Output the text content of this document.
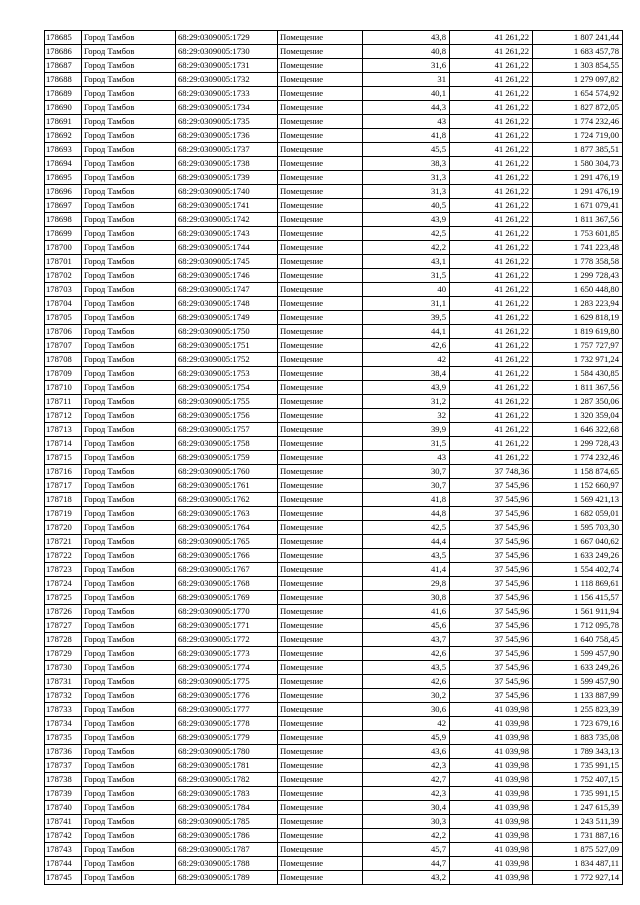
178685	Город Тамбов	68:29:0309005:1729	Помещение	43,8	41 261,22	1 807 241,44
178686	Город Тамбов	68:29:0309005:1730	Помещение	40,8	41 261,22	1 683 457,78
178687	Город Тамбов	68:29:0309005:1731	Помещение	31,6	41 261,22	1 303 854,55
178688	Город Тамбов	68:29:0309005:1732	Помещение	31	41 261,22	1 279 097,82
178689	Город Тамбов	68:29:0309005:1733	Помещение	40,1	41 261,22	1 654 574,92
178690	Город Тамбов	68:29:0309005:1734	Помещение	44,3	41 261,22	1 827 872,05
178691	Город Тамбов	68:29:0309005:1735	Помещение	43	41 261,22	1 774 232,46
178692	Город Тамбов	68:29:0309005:1736	Помещение	41,8	41 261,22	1 724 719,00
178693	Город Тамбов	68:29:0309005:1737	Помещение	45,5	41 261,22	1 877 385,51
178694	Город Тамбов	68:29:0309005:1738	Помещение	38,3	41 261,22	1 580 304,73
178695	Город Тамбов	68:29:0309005:1739	Помещение	31,3	41 261,22	1 291 476,19
178696	Город Тамбов	68:29:0309005:1740	Помещение	31,3	41 261,22	1 291 476,19
178697	Город Тамбов	68:29:0309005:1741	Помещение	40,5	41 261,22	1 671 079,41
178698	Город Тамбов	68:29:0309005:1742	Помещение	43,9	41 261,22	1 811 367,56
178699	Город Тамбов	68:29:0309005:1743	Помещение	42,5	41 261,22	1 753 601,85
178700	Город Тамбов	68:29:0309005:1744	Помещение	42,2	41 261,22	1 741 223,48
178701	Город Тамбов	68:29:0309005:1745	Помещение	43,1	41 261,22	1 778 358,58
178702	Город Тамбов	68:29:0309005:1746	Помещение	31,5	41 261,22	1 299 728,43
178703	Город Тамбов	68:29:0309005:1747	Помещение	40	41 261,22	1 650 448,80
178704	Город Тамбов	68:29:0309005:1748	Помещение	31,1	41 261,22	1 283 223,94
178705	Город Тамбов	68:29:0309005:1749	Помещение	39,5	41 261,22	1 629 818,19
178706	Город Тамбов	68:29:0309005:1750	Помещение	44,1	41 261,22	1 819 619,80
178707	Город Тамбов	68:29:0309005:1751	Помещение	42,6	41 261,22	1 757 727,97
178708	Город Тамбов	68:29:0309005:1752	Помещение	42	41 261,22	1 732 971,24
178709	Город Тамбов	68:29:0309005:1753	Помещение	38,4	41 261,22	1 584 430,85
178710	Город Тамбов	68:29:0309005:1754	Помещение	43,9	41 261,22	1 811 367,56
178711	Город Тамбов	68:29:0309005:1755	Помещение	31,2	41 261,22	1 287 350,06
178712	Город Тамбов	68:29:0309005:1756	Помещение	32	41 261,22	1 320 359,04
178713	Город Тамбов	68:29:0309005:1757	Помещение	39,9	41 261,22	1 646 322,68
178714	Город Тамбов	68:29:0309005:1758	Помещение	31,5	41 261,22	1 299 728,43
178715	Город Тамбов	68:29:0309005:1759	Помещение	43	41 261,22	1 774 232,46
178716	Город Тамбов	68:29:0309005:1760	Помещение	30,7	37 748,36	1 158 874,65
178717	Город Тамбов	68:29:0309005:1761	Помещение	30,7	37 545,96	1 152 660,97
178718	Город Тамбов	68:29:0309005:1762	Помещение	41,8	37 545,96	1 569 421,13
178719	Город Тамбов	68:29:0309005:1763	Помещение	44,8	37 545,96	1 682 059,01
178720	Город Тамбов	68:29:0309005:1764	Помещение	42,5	37 545,96	1 595 703,30
178721	Город Тамбов	68:29:0309005:1765	Помещение	44,4	37 545,96	1 667 040,62
178722	Город Тамбов	68:29:0309005:1766	Помещение	43,5	37 545,96	1 633 249,26
178723	Город Тамбов	68:29:0309005:1767	Помещение	41,4	37 545,96	1 554 402,74
178724	Город Тамбов	68:29:0309005:1768	Помещение	29,8	37 545,96	1 118 869,61
178725	Город Тамбов	68:29:0309005:1769	Помещение	30,8	37 545,96	1 156 415,57
178726	Город Тамбов	68:29:0309005:1770	Помещение	41,6	37 545,96	1 561 911,94
178727	Город Тамбов	68:29:0309005:1771	Помещение	45,6	37 545,96	1 712 095,78
178728	Город Тамбов	68:29:0309005:1772	Помещение	43,7	37 545,96	1 640 758,45
178729	Город Тамбов	68:29:0309005:1773	Помещение	42,6	37 545,96	1 599 457,90
178730	Город Тамбов	68:29:0309005:1774	Помещение	43,5	37 545,96	1 633 249,26
178731	Город Тамбов	68:29:0309005:1775	Помещение	42,6	37 545,96	1 599 457,90
178732	Город Тамбов	68:29:0309005:1776	Помещение	30,2	37 545,96	1 133 887,99
178733	Город Тамбов	68:29:0309005:1777	Помещение	30,6	41 039,98	1 255 823,39
178734	Город Тамбов	68:29:0309005:1778	Помещение	42	41 039,98	1 723 679,16
178735	Город Тамбов	68:29:0309005:1779	Помещение	45,9	41 039,98	1 883 735,08
178736	Город Тамбов	68:29:0309005:1780	Помещение	43,6	41 039,98	1 789 343,13
178737	Город Тамбов	68:29:0309005:1781	Помещение	42,3	41 039,98	1 735 991,15
178738	Город Тамбов	68:29:0309005:1782	Помещение	42,7	41 039,98	1 752 407,15
178739	Город Тамбов	68:29:0309005:1783	Помещение	42,3	41 039,98	1 735 991,15
178740	Город Тамбов	68:29:0309005:1784	Помещение	30,4	41 039,98	1 247 615,39
178741	Город Тамбов	68:29:0309005:1785	Помещение	30,3	41 039,98	1 243 511,39
178742	Город Тамбов	68:29:0309005:1786	Помещение	42,2	41 039,98	1 731 887,16
178743	Город Тамбов	68:29:0309005:1787	Помещение	45,7	41 039,98	1 875 527,09
178744	Город Тамбов	68:29:0309005:1788	Помещение	44,7	41 039,98	1 834 487,11
178745	Город Тамбов	68:29:0309005:1789	Помещение	43,2	41 039,98	1 772 927,14
